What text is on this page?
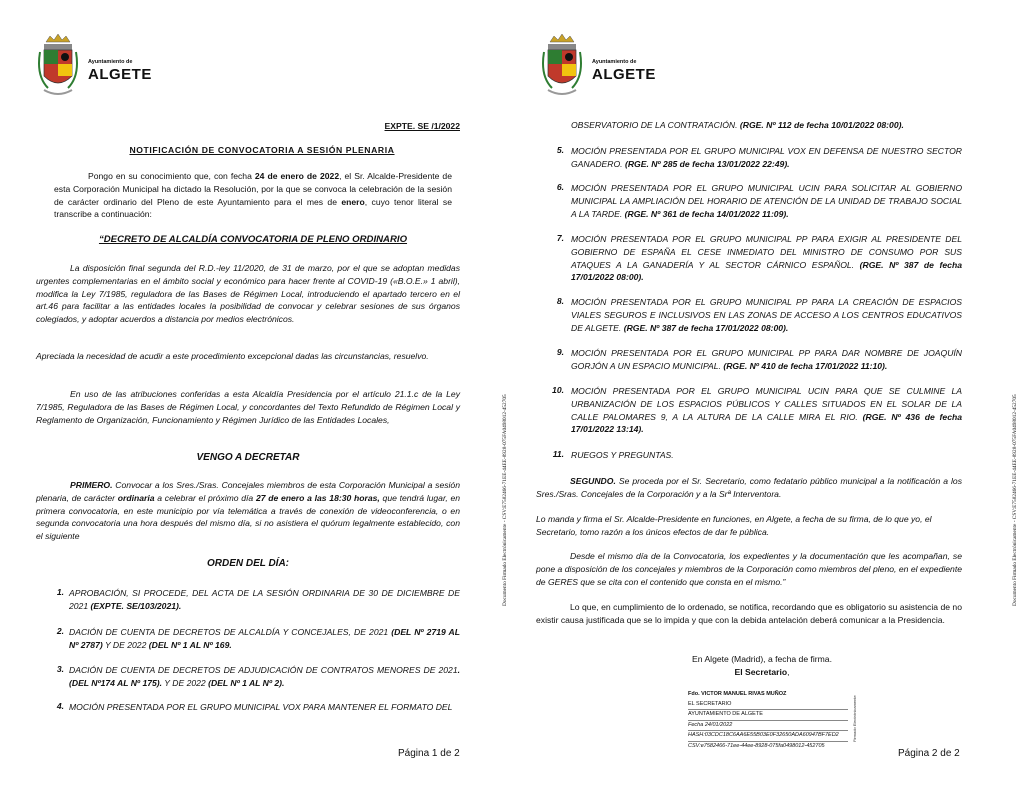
Ayuntamiento de
ALGETE
EXPTE. SE /1/2022
NOTIFICACIÓN DE CONVOCATORIA A SESIÓN PLENARIA

Pongo en su conocimiento que, con fecha 24 de enero de 2022, el Sr. Alcalde-Presidente de esta Corporación Municipal ha dictado la Resolución, por la que se convoca la celebración de la sesión de carácter ordinario del Pleno de este Ayuntamiento para el mes de enero, cuyo tenor literal se transcribe a continuación:

“DECRETO DE ALCALDÍA CONVOCATORIA DE PLENO ORDINARIO

La disposición final segunda del R.D.-ley 11/2020, de 31 de marzo, por el que se adoptan medidas urgentes complementarias en el ámbito social y económico para hacer frente al COVID-19 («B.O.E.» 1 abril), modifica la Ley 7/1985, reguladora de las Bases de Régimen Local, introduciendo el apartado tercero en el art.46 para facilitar a las entidades locales la posibilidad de convocar y celebrar sesiones de sus órganos colegiados, y adoptar acuerdos a distancia por medios electrónicos.

Apreciada la necesidad de acudir a este procedimiento excepcional dadas las circunstancias, resuelvo.

En uso de las atribuciones conferidas a esta Alcaldía Presidencia por el artículo 21.1.c de la Ley 7/1985, Reguladora de las Bases de Régimen Local, y concordantes del Texto Refundido de Régimen Local y Reglamento de Organización, Funcionamiento y Régimen Jurídico de las Entidades Locales,

VENGO A DECRETAR

PRIMERO. Convocar a los Sres./Sras. Concejales miembros de esta Corporación Municipal a sesión plenaria, de carácter ordinaria a celebrar el próximo día 27 de enero a las 18:30 horas, que tendrá lugar, en primera convocatoria, en este municipio por vía telemática a través de conexión de videoconferencia, o en segunda convocatoria una hora después del mismo día, si no asistiera el quórum legalmente establecido, con el siguiente

ORDEN DEL DÍA:
1. APROBACIÓN, SI PROCEDE, DEL ACTA DE LA SESIÓN ORDINARIA DE 30 DE DICIEMBRE DE 2021 (EXPTE. SE/103/2021).

2. DACIÓN DE CUENTA DE DECRETOS DE ALCALDÍA Y CONCEJALES, DE 2021 (DEL Nº 2719 AL Nº 2787) Y DE 2022 (DEL Nº 1 AL Nº 169.

3. DACIÓN DE CUENTA DE DECRETOS DE ADJUDICACIÓN DE CONTRATOS MENORES DE 2021. (DEL Nº174 AL Nº 175). Y DE 2022 (DEL Nº 1 AL Nº 2).

4. MOCIÓN PRESENTADA POR EL GRUPO MUNICIPAL VOX PARA MANTENER EL FORMATO DEL

Documento Firmado Electrónicamente - CSV:E7582466-71EE-44EE-8928-075FA0498012-452705
Página 1 de 2
Ayuntamiento de
ALGETE

OBSERVATORIO DE LA CONTRATACIÓN. (RGE. Nº 112 de fecha 10/01/2022 08:00).

5. MOCIÓN PRESENTADA POR EL GRUPO MUNICIPAL VOX EN DEFENSA DE NUESTRO SECTOR GANADERO. (RGE. Nº 285 de fecha 13/01/2022 22:49).

6. MOCIÓN PRESENTADA POR EL GRUPO MUNICIPAL UCIN PARA SOLICITAR AL GOBIERNO MUNICIPAL LA AMPLIACIÓN DEL HORARIO DE ATENCIÓN DE LA UNIDAD DE TRABAJO SOCIAL A LA TARDE. (RGE. Nº 361 de fecha 14/01/2022 11:09).

7. MOCIÓN PRESENTADA POR EL GRUPO MUNICIPAL PP PARA EXIGIR AL PRESIDENTE DEL GOBIERNO DE ESPAÑA EL CESE INMEDIATO DEL MINISTRO DE CONSUMO POR SUS ATAQUES A LA GANADERÍA Y AL SECTOR CÁRNICO ESPAÑOL. (RGE. Nº 387 de fecha 17/01/2022 08:00).

8. MOCIÓN PRESENTADA POR EL GRUPO MUNICIPAL PP PARA LA CREACIÓN DE ESPACIOS VIALES SEGUROS E INCLUSIVOS EN LAS ZONAS DE ACCESO A LOS CENTROS EDUCATIVOS DE ALGETE. (RGE. Nº 387 de fecha 17/01/2022 08:00).

9. MOCIÓN PRESENTADA POR EL GRUPO MUNICIPAL PP PARA DAR NOMBRE DE JOAQUÍN GORJÓN A UN ESPACIO MUNICIPAL. (RGE. Nº 410 de fecha 17/01/2022 11:10).

10. MOCIÓN PRESENTADA POR EL GRUPO MUNICIPAL UCIN PARA QUE SE CULMINE LA URBANIZACIÓN DE LOS ESPACIOS PÚBLICOS Y CALLES SITUADOS EN EL SOLAR DE LA CALLE PALOMARES 9, A LA ALTURA DE LA CALLE MIRA EL RIO. (RGE. Nº 436 de fecha 17/01/2022 13:14).

11. RUEGOS Y PREGUNTAS.

SEGUNDO. Se proceda por el Sr. Secretario, como fedatario público municipal a la notificación a los Sres./Sras. Concejales de la Corporación y a la Srª Interventora.

Lo manda y firma el Sr. Alcalde-Presidente en funciones, en Algete, a fecha de su firma, de lo que yo, el Secretario, tomo razón a los únicos efectos de dar fe pública.

Desde el mismo día de la Convocatoria, los expedientes y la documentación que les acompañan, se pone a disposición de los concejales y miembros de la Corporación como miembros del pleno, en el expediente de GERES que se cita con el contenido que consta en el mismo.”

Lo que, en cumplimiento de lo ordenado, se notifica, recordando que es obligatorio su asistencia de no existir causa justificada que se lo impida y que con la debida antelación deberá comunicar a la Presidencia.

En Algete (Madrid), a fecha de firma.
El Secretario,
Documento Firmado Electrónicamente - CSV:E7582466-71EE-44EE-8928-075FA0498012-452705
Página 2 de 2
Fdo. VICTOR MANUEL RIVAS MUÑOZ
EL SECRETARIO
AYUNTAMIENTO DE ALGETE
Fecha 24/01/2022
HASH:03CDC18C6AA6E55B03E0F32650ADA60947BF7ED2
CSV:e7582466-71ee-44ee-8928-075fa0498012-452705
Firmado Electrónicamente
